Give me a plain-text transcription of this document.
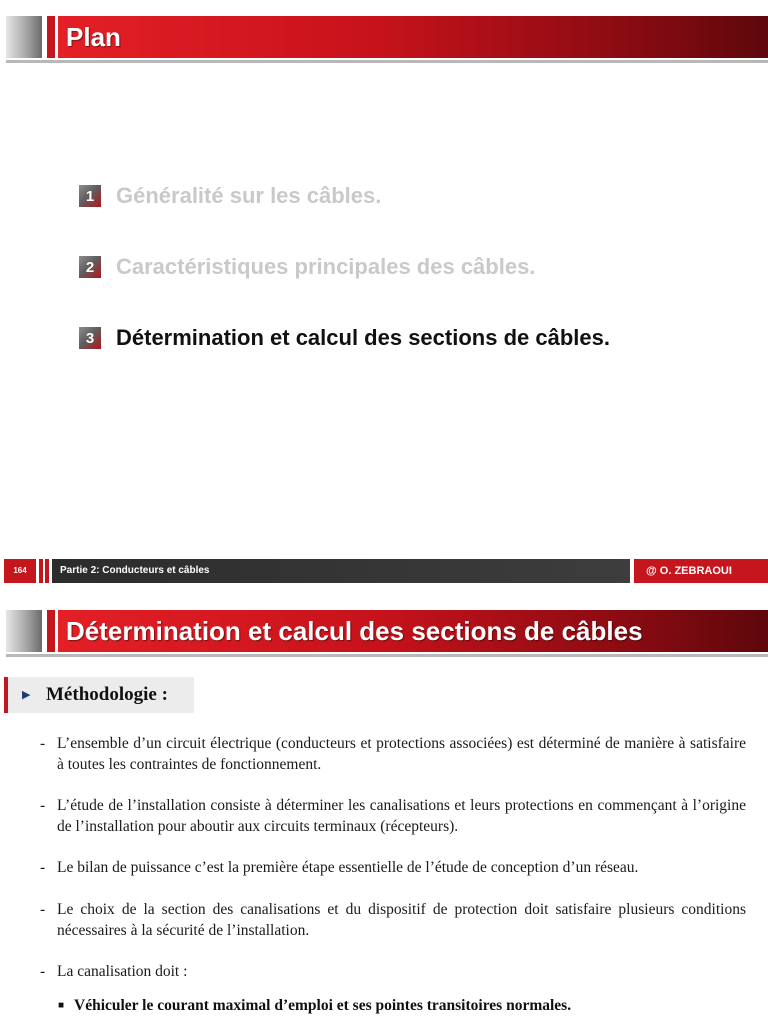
Plan
1 Généralité sur les câbles.
2 Caractéristiques principales des câbles.
3 Détermination et calcul des sections de câbles.
164	Partie 2: Conducteurs et câbles	@ O. ZEBRAOUI
Détermination et calcul des sections de câbles
▶ Méthodologie :
- L’ensemble d’un circuit électrique (conducteurs et protections associées) est déterminé de manière à satisfaire à toutes les contraintes de fonctionnement.
- L’étude de l’installation consiste à déterminer les canalisations et leurs protections en commençant à l’origine de l’installation pour aboutir aux circuits terminaux (récepteurs).
- Le bilan de puissance c’est la première étape essentielle de l’étude de conception d’un réseau.
- Le choix de la section des canalisations et du dispositif de protection doit satisfaire plusieurs conditions nécessaires à la sécurité de l’installation.
- La canalisation doit :
■ Véhiculer le courant maximal d’emploi et ses pointes transitoires normales.
